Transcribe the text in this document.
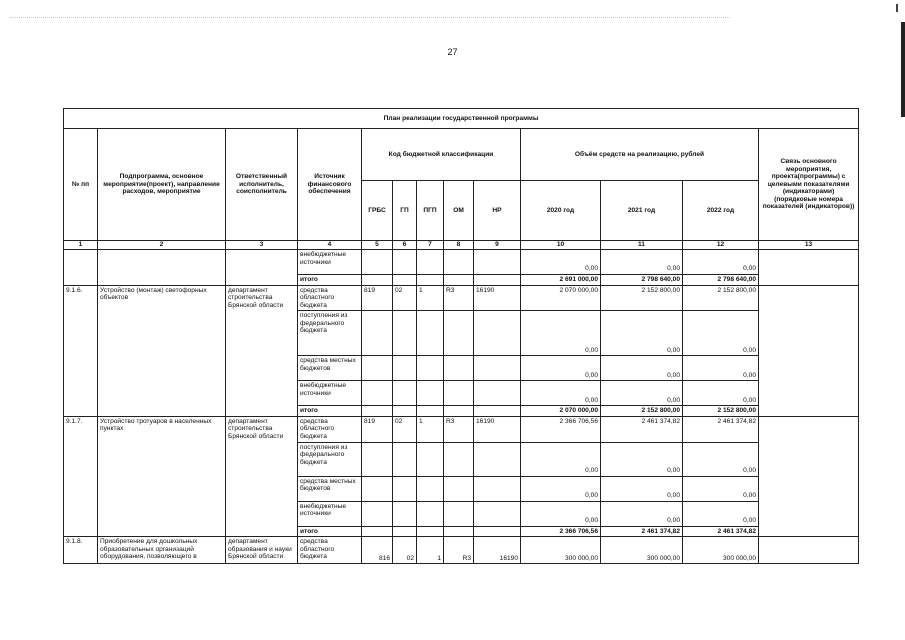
27
План реализации государственной программы												
№ пп	Подпрограмма, основное мероприятие(проект), направление расходов, мероприятие	Ответственный исполнитель, соисполнитель	Источник финансового обеспечения	Код бюджетной классификации					Объём средств на реализацию, рублей			Связь основного мероприятия, проекта(программы) с целевыми показателями (индикаторами) (порядковые номера показателей (индикаторов))
				ГРБС	ГП	ПГП	ОМ	НР	2020 год	2021 год	2022 год	
1	2	3	4	5	6	7	8	9	10	11	12	13
			внебюджетные источники						0,00	0,00	0,00	
			итого						2 691 000,00	2 798 640,00	2 798 640,00	
9.1.6.	Устройство (монтаж) светофорных объектов	департамент строительства Брянской области	средства областного бюджета	819	02	1	R3	16190	2 070 000,00	2 152 800,00	2 152 800,00	
			поступления из федерального бюджета						0,00	0,00	0,00	
			средства местных бюджетов						0,00	0,00	0,00	
			внебюджетные источники						0,00	0,00	0,00	
			итого						2 070 000,00	2 152 800,00	2 152 800,00	
9.1.7.	Устройство тротуаров в населенных пунктах	департамент строительства Брянской области	средства областного бюджета	819	02	1	R3	16190	2 366 706,56	2 461 374,82	2 461 374,82	
			поступления из федерального бюджета						0,00	0,00	0,00	
			средства местных бюджетов						0,00	0,00	0,00	
			внебюджетные источники						0,00	0,00	0,00	
			итого						2 366 706,56	2 461 374,82	2 461 374,82	
9.1.8.	Приобретение для дошкольных образовательных организаций оборудования, позволяющего в	департамент образования и науки Брянской области	средства областного бюджета	816	02	1	R3	16190	300 000,00	300 000,00	300 000,00	
